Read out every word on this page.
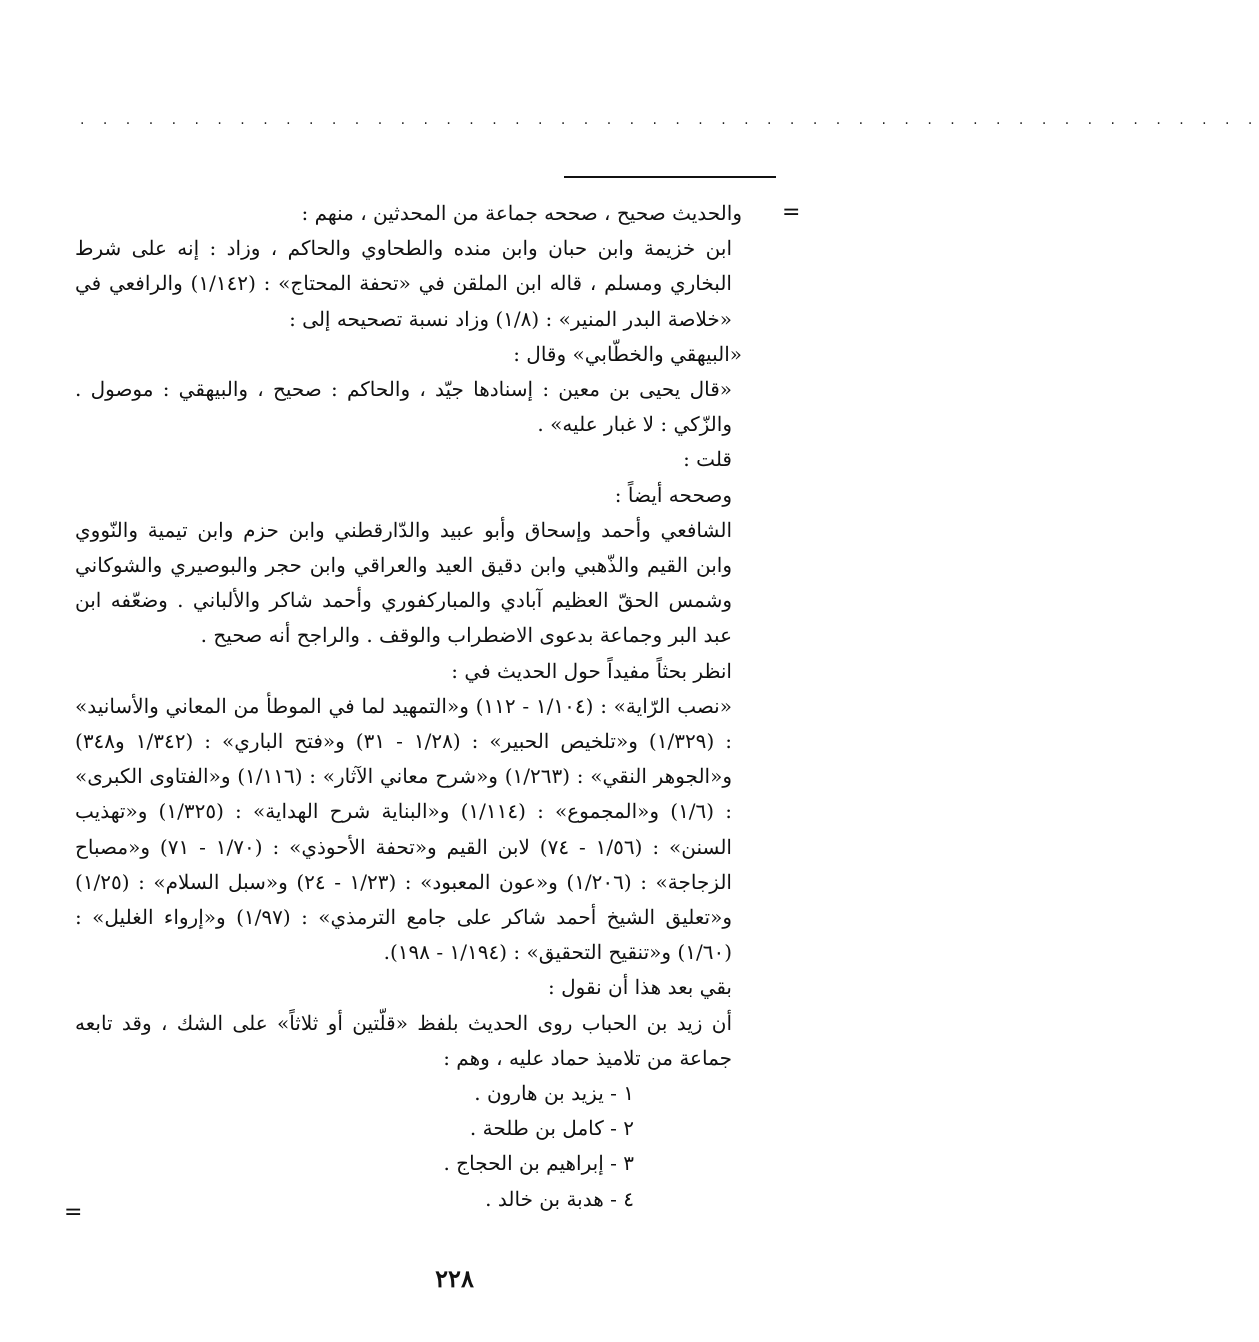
. . . . . . . . . . . . . . . . . . . . . . . . . . . . . . . . . . . . . . . . . . . . . . . . . . . .
=

والحديث صحيح ، صححه جماعة من المحدثين ، منهم :

ابن خزيمة وابن حبان وابن منده والطحاوي والحاكم ، وزاد : إنه على شرط البخاري ومسلم ، قاله ابن الملقن في «تحفة المحتاج» : (١/١٤٢) والرافعي في «خلاصة البدر المنير» : (١/٨) وزاد نسبة تصحيحه إلى :

«البيهقي والخطّابي» وقال :

«قال يحيى بن معين : إسنادها جيّد ، والحاكم : صحيح ، والبيهقي : موصول . والزّكي : لا غبار عليه» .

قلت :

وصححه أيضاً :

الشافعي وأحمد وإسحاق وأبو عبيد والدّارقطني وابن حزم وابن تيمية والنّووي وابن القيم والذّهبي وابن دقيق العيد والعراقي وابن حجر والبوصيري والشوكاني وشمس الحقّ العظيم آبادي والمباركفوري وأحمد شاكر والألباني . وضعّفه ابن عبد البر وجماعة بدعوى الاضطراب والوقف . والراجح أنه صحيح .

انظر بحثاً مفيداً حول الحديث في :

«نصب الرّاية» : (١/١٠٤ - ١١٢) و«التمهيد لما في الموطأ من المعاني والأسانيد» : (١/٣٢٩) و«تلخيص الحبير» : (١/٢٨ - ٣١) و«فتح الباري» : (١/٣٤٢ و٣٤٨) و«الجوهر النقي» : (١/٢٦٣) و«شرح معاني الآثار» : (١/١١٦) و«الفتاوى الكبرى» : (١/٦) و«المجموع» : (١/١١٤) و«البناية شرح الهداية» : (١/٣٢٥) و«تهذيب السنن» : (١/٥٦ - ٧٤) لابن القيم و«تحفة الأحوذي» : (١/٧٠ - ٧١) و«مصباح الزجاجة» : (١/٢٠٦) و«عون المعبود» : (١/٢٣ - ٢٤) و«سبل السلام» : (١/٢٥) و«تعليق الشيخ أحمد شاكر على جامع الترمذي» : (١/٩٧) و«إرواء الغليل» : (١/٦٠) و«تنقيح التحقيق» : (١/١٩٤ - ١٩٨).

بقي بعد هذا أن نقول :

أن زيد بن الحباب روى الحديث بلفظ «قلّتين أو ثلاثاً» على الشك ، وقد تابعه جماعة من تلاميذ حماد عليه ، وهم :

١ - يزيد بن هارون .

٢ - كامل بن طلحة .

٣ - إبراهيم بن الحجاج .

٤ - هدبة بن خالد .

=
٢٢٨
